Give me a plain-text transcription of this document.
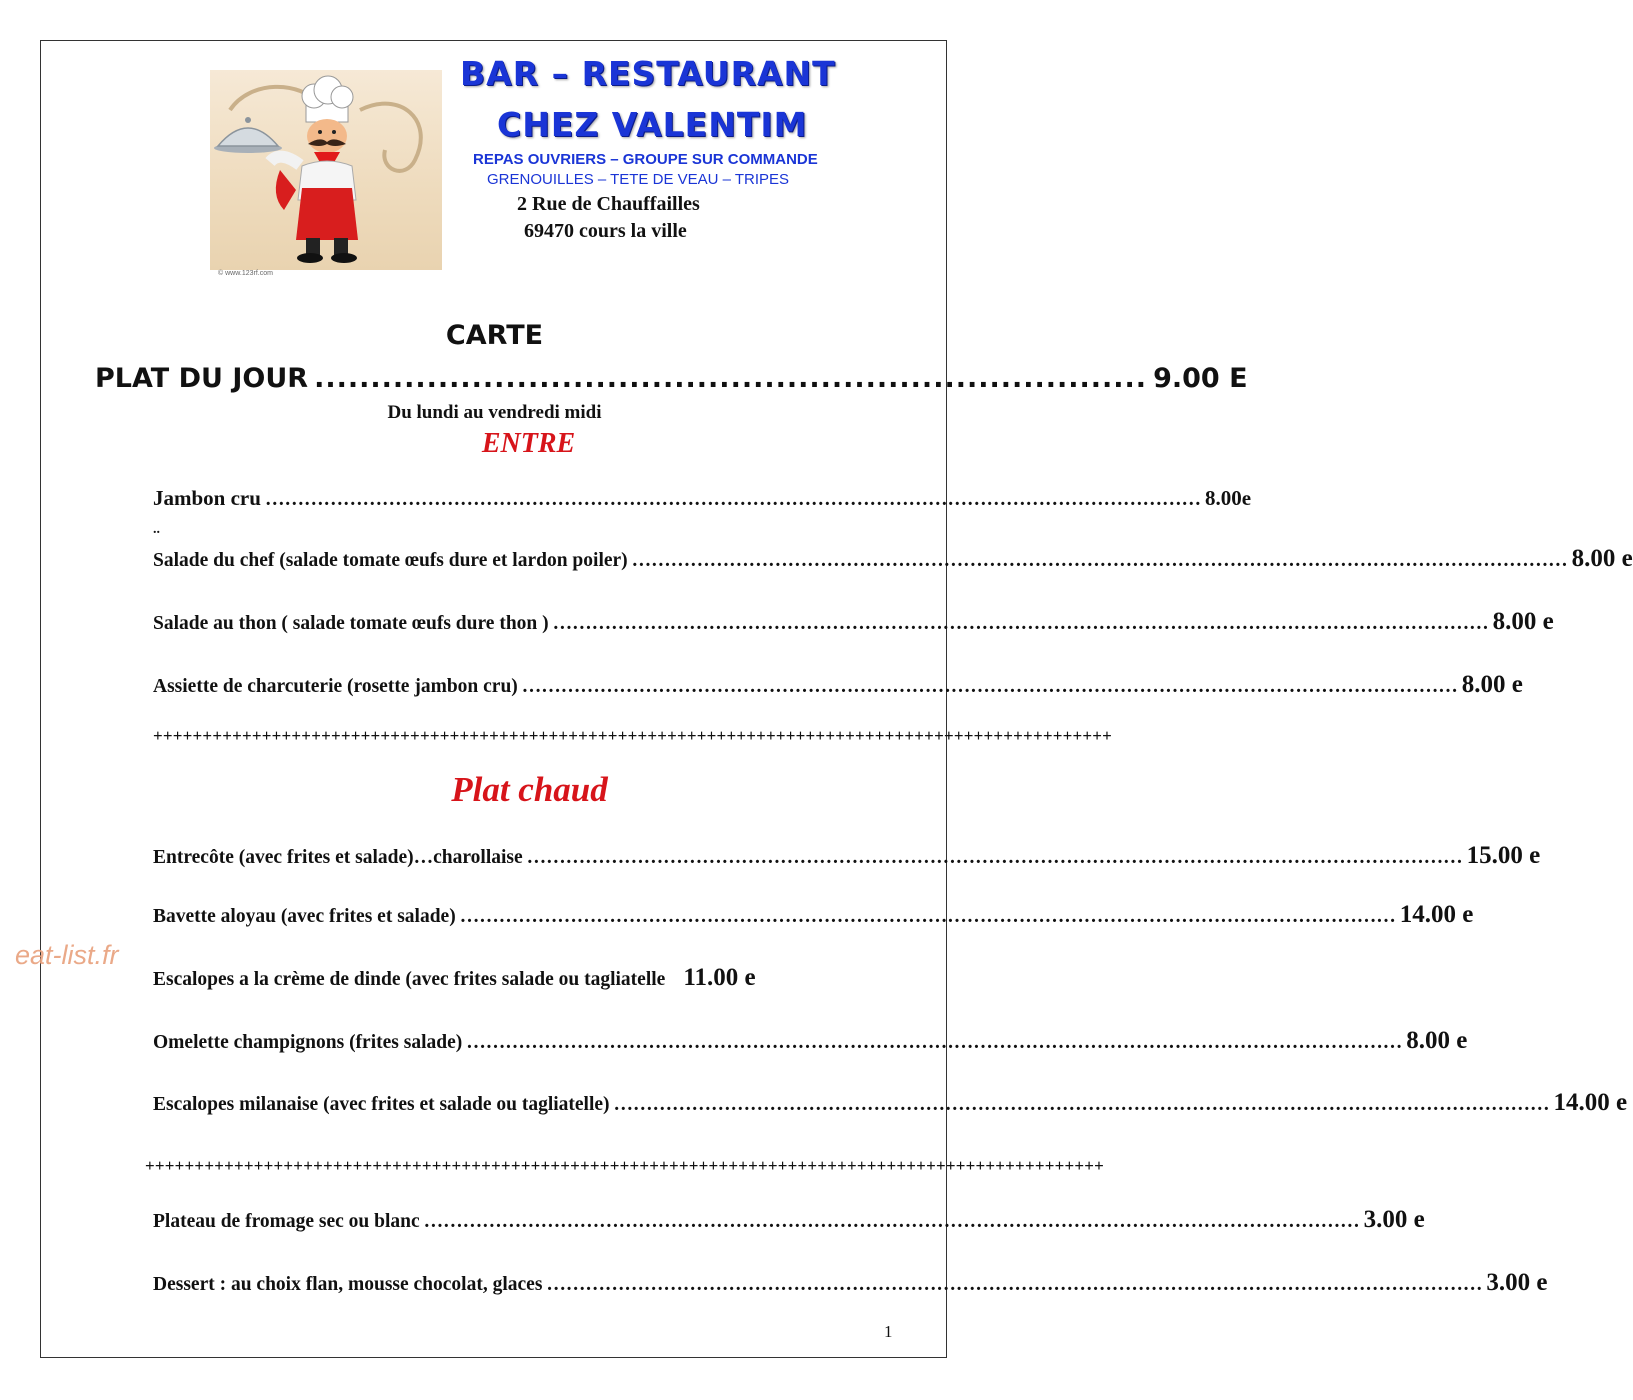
© www.123rf.com
BAR – RESTAURANT
CHEZ VALENTIM
REPAS OUVRIERS – GROUPE SUR COMMANDE
GRENOUILLES – TETE DE VEAU – TRIPES
2 Rue de Chauffailles
69470 cours la ville
CARTE
PLAT DU JOUR .......................................................................... 9.00 E
Du lundi au vendredi midi
ENTRE
Jambon cru ……………………………………………………………………………………………………………………………… 8.00e
..
Salade du chef (salade tomate œufs dure et lardon poiler) ……………………………………………………………………………………………………………………………… 8.00 e
Salade au thon ( salade tomate œufs dure thon ) ……………………………………………………………………………………………………………………………… 8.00 e
Assiette de charcuterie (rosette jambon cru) ……………………………………………………………………………………………………………………………… 8.00 e
+++++++++++++++++++++++++++++++++++++++++++++++++++++++++++++++++++++++++++++++++++++++++++++++++
Plat chaud
Entrecôte (avec frites et salade)…charollaise ……………………………………………………………………………………………………………………………… 15.00 e
Bavette aloyau (avec frites et salade) ……………………………………………………………………………………………………………………………… 14.00 e
Escalopes a la crème de dinde (avec frites salade ou tagliatelle 11.00 e
Omelette champignons (frites salade) ……………………………………………………………………………………………………………………………… 8.00 e
Escalopes milanaise (avec frites et salade ou tagliatelle) ……………………………………………………………………………………………………………………………… 14.00 e
+++++++++++++++++++++++++++++++++++++++++++++++++++++++++++++++++++++++++++++++++++++++++++++++++
Plateau de fromage sec ou blanc ……………………………………………………………………………………………………………………………… 3.00 e
Dessert : au choix flan, mousse chocolat, glaces ……………………………………………………………………………………………………………………………… 3.00 e
eat-list.fr
1
